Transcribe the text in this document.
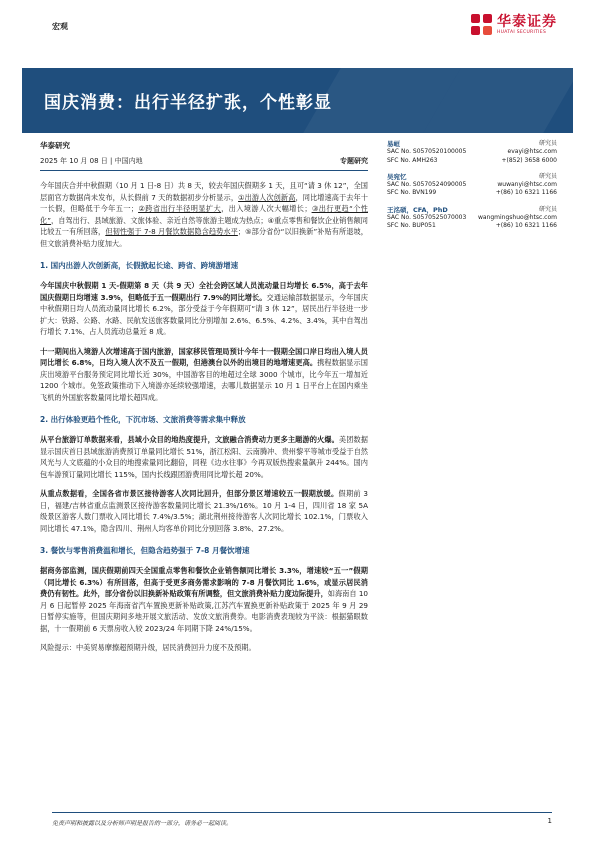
宏观	华泰证券
HUATAI SECURITIES
国庆消费：出行半径扩张，个性彰显
华泰研究
2025 年 10 月 08 日 | 中国内地	专题研究
今年国庆合并中秋假期（10 月 1 日-8 日）共 8 天，较去年国庆假期多 1 天，且可“请 3 休 12”，全国层面官方数据尚未发布，从长假前 7 天的数据初步分析显示，①出游人次创新高，同比增速高于去年十一长假，但略低于今年五一；②跨省出行半径明显扩大，出入境游人次大幅增长；③出行更趋“个性化”，自驾出行、县域旅游、文旅体验、亲近自然等旅游主题成为热点；④重点零售和餐饮企业销售额同比较五一有所回落，但韧性强于 7-8 月餐饮数据隐含趋势水平；⑤部分省份“以旧换新”补贴有所退坡，但文旅消费补贴力度加大。
1. 国内出游人次创新高，长假掀起长途、跨省、跨境游增速

今年国庆中秋假期 1 天-假期第 8 天（共 9 天）全社会跨区域人员流动量日均增长 6.5%，高于去年国庆假期日均增速 3.9%，但略低于五一假期出行 7.9%的同比增长。交通运输部数据显示，今年国庆中秋假期日均人员流动量同比增长 6.2%，部分受益于今年假期可“请 3 休 12”，居民出行半径进一步扩大：铁路、公路、水路、民航发送旅客数量同比分别增加 2.6%、6.5%、4.2%、3.4%，其中自驾出行增长 7.1%、占人员流动总量近 8 成。

十一期间出入境游人次增速高于国内旅游，国家移民管理局预计今年十一假期全国口岸日均出入境人员同比增长 6.8%，日均入境人次不及五一假期，但港澳台以外的出境目的地增速更高。携程数据显示国庆出境游平台服务预定同比增长近 30%，中国游客目的地超过全球 3000 个城市，比今年五一增加近 1200 个城市。免签政策推动下入境游亦延续较强增速，去哪儿数据显示 10 月 1 日平台上在国内乘坐飞机的外国旅客数量同比增长超四成。

2. 出行体验更趋个性化，下沉市场、文旅消费等需求集中释放

从平台旅游订单数据来看，县域小众目的地热度提升，文旅融合消费动力更多主题游的火爆。美团数据显示国庆首日县域旅游消费预订单量同比增长 51%，浙江松阳、云南腾冲、贵州黎平等城市受益于自然风光与人文底蕴的小众目的地搜索量同比翻倍，同程《边水往事》今再双版热搜索量飙升 244%。国内包车游预订量同比增长 115%，国内长线跟团游费用同比增长超 20%。

从重点数据看，全国各省市景区接待游客人次同比回升，但部分景区增速较五一假期放缓。假期前 3 日，福建/吉林省重点监测景区接待游客数量同比增长 21.3%/16%。10 月 1-4 日，四川省 18 家 5A 级景区游客人数门票收入同比增长 7.4%/3.5%；湖北荆州接待游客人次同比增长 102.1%，门票收入同比增长 47.1%，隐含四川、荆州人均客单价同比分别回落 3.8%、27.2%。

3. 餐饮与零售消费温和增长，但隐含趋势强于 7-8 月餐饮增速

据商务部监测，国庆假期前四天全国重点零售和餐饮企业销售额同比增长 3.3%，增速较“五一”假期（同比增长 6.3%）有所回落，但高于受更多商务需求影响的 7-8 月餐饮同比 1.6%，或显示居民消费仍有韧性。此外，部分省份以旧换新补贴政策有所调整，但文旅消费补贴力度边际提升，如海南自 10 月 6 日起暂停 2025 年海南省汽车置换更新补贴政策,江苏汽车置换更新补贴政策于 2025 年 9 月 29 日暂停实施等，但国庆期间多地开展文旅活动、发放文旅消费券。电影消费表现较为平淡：根据猫眼数据，十一假期前 6 天票房收入较 2023/24 年同期下降 24%/15%。

风险提示：中美贸易摩擦超预期升级，居民消费回升力度不及预期。
易峘	研究员
SAC No. S0570520100005	evayi@htsc.com
SFC No. AMH263	+(852) 3658 6000
吴宛忆	研究员
SAC No. S0570524090005	wuwanyi@htsc.com
SFC No. BVN199	+(86) 10 6321 1166
王洺硕，CFA，PhD	研究员
SAC No. S0570525070003 wangmingshuo@htsc.com
SFC No. BUP051	+(86) 10 6321 1166
免责声明和披露以及分析师声明是报告的一部分，请务必一起阅读。	1
